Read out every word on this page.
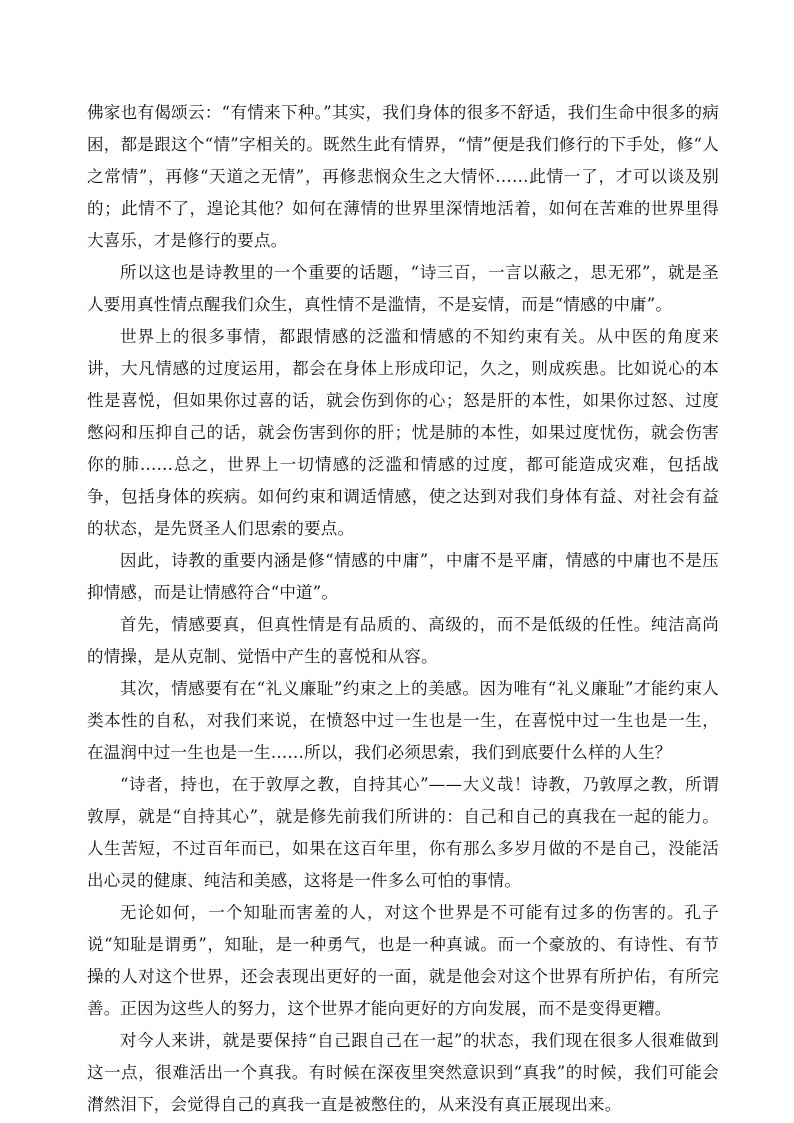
佛家也有偈颂云：“有情来下种。”其实，我们身体的很多不舒适，我们生命中很多的病困，都是跟这个“情”字相关的。既然生此有情界，“情”便是我们修行的下手处，修“人之常情”，再修“天道之无情”，再修悲悯众生之大情怀……此情一了，才可以谈及别的；此情不了，遑论其他？如何在薄情的世界里深情地活着，如何在苦难的世界里得大喜乐，才是修行的要点。

所以这也是诗教里的一个重要的话题，“诗三百，一言以蔽之，思无邪”，就是圣人要用真性情点醒我们众生，真性情不是滥情，不是妄情，而是“情感的中庸”。

世界上的很多事情，都跟情感的泛滥和情感的不知约束有关。从中医的角度来讲，大凡情感的过度运用，都会在身体上形成印记，久之，则成疾患。比如说心的本性是喜悦，但如果你过喜的话，就会伤到你的心；怒是肝的本性，如果你过怒、过度憋闷和压抑自己的话，就会伤害到你的肝；忧是肺的本性，如果过度忧伤，就会伤害你的肺……总之，世界上一切情感的泛滥和情感的过度，都可能造成灾难，包括战争，包括身体的疾病。如何约束和调适情感，使之达到对我们身体有益、对社会有益的状态，是先贤圣人们思索的要点。

因此，诗教的重要内涵是修“情感的中庸”，中庸不是平庸，情感的中庸也不是压抑情感，而是让情感符合“中道”。

首先，情感要真，但真性情是有品质的、高级的，而不是低级的任性。纯洁高尚的情操，是从克制、觉悟中产生的喜悦和从容。

其次，情感要有在“礼义廉耻”约束之上的美感。因为唯有“礼义廉耻”才能约束人类本性的自私，对我们来说，在愤怒中过一生也是一生，在喜悦中过一生也是一生，在温润中过一生也是一生……所以，我们必须思索，我们到底要什么样的人生？

“诗者，持也，在于敦厚之教，自持其心”——大义哉！诗教，乃敦厚之教，所谓敦厚，就是“自持其心”，就是修先前我们所讲的：自己和自己的真我在一起的能力。人生苦短，不过百年而已，如果在这百年里，你有那么多岁月做的不是自己，没能活出心灵的健康、纯洁和美感，这将是一件多么可怕的事情。

无论如何，一个知耻而害羞的人，对这个世界是不可能有过多的伤害的。孔子说“知耻是谓勇”，知耻，是一种勇气，也是一种真诚。而一个豪放的、有诗性、有节操的人对这个世界，还会表现出更好的一面，就是他会对这个世界有所护佑，有所完善。正因为这些人的努力，这个世界才能向更好的方向发展，而不是变得更糟。

对今人来讲，就是要保持“自己跟自己在一起”的状态，我们现在很多人很难做到这一点，很难活出一个真我。有时候在深夜里突然意识到“真我”的时候，我们可能会潸然泪下，会觉得自己的真我一直是被憋住的，从来没有真正展现出来。
